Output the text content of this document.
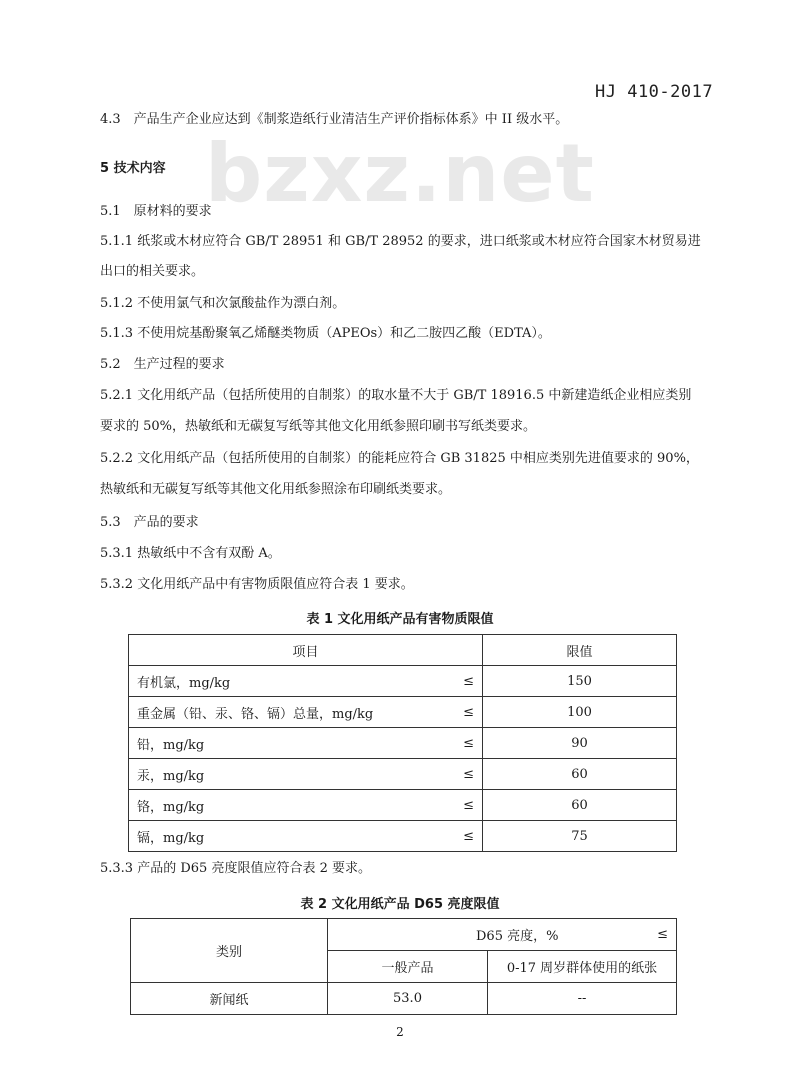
HJ 410-2017
bzxz.net
4.3　产品生产企业应达到《制浆造纸行业清洁生产评价指标体系》中 II 级水平。
5 技术内容
5.1　原材料的要求
5.1.1 纸浆或木材应符合 GB/T 28951 和 GB/T 28952 的要求，进口纸浆或木材应符合国家木材贸易进
出口的相关要求。
5.1.2 不使用氯气和次氯酸盐作为漂白剂。
5.1.3 不使用烷基酚聚氧乙烯醚类物质（APEOs）和乙二胺四乙酸（EDTA）。
5.2　生产过程的要求
5.2.1 文化用纸产品（包括所使用的自制浆）的取水量不大于 GB/T 18916.5 中新建造纸企业相应类别
要求的 50%，热敏纸和无碳复写纸等其他文化用纸参照印刷书写纸类要求。
5.2.2 文化用纸产品（包括所使用的自制浆）的能耗应符合 GB 31825 中相应类别先进值要求的 90%，
热敏纸和无碳复写纸等其他文化用纸参照涂布印刷纸类要求。
5.3　产品的要求
5.3.1 热敏纸中不含有双酚 A。
5.3.2 文化用纸产品中有害物质限值应符合表 1 要求。
表 1 文化用纸产品有害物质限值
项目	限值

有机氯，mg/kg ≤	150

重金属（铅、汞、铬、镉）总量，mg/kg ≤	100

铅，mg/kg ≤	90

汞，mg/kg ≤	60

铬，mg/kg ≤	60

镉，mg/kg ≤	75
5.3.3 产品的 D65 亮度限值应符合表 2 要求。
表 2 文化用纸产品 D65 亮度限值
类别	D65 亮度，% ≤	

	一般产品	0-17 周岁群体使用的纸张
新闻纸	53.0	--
2
